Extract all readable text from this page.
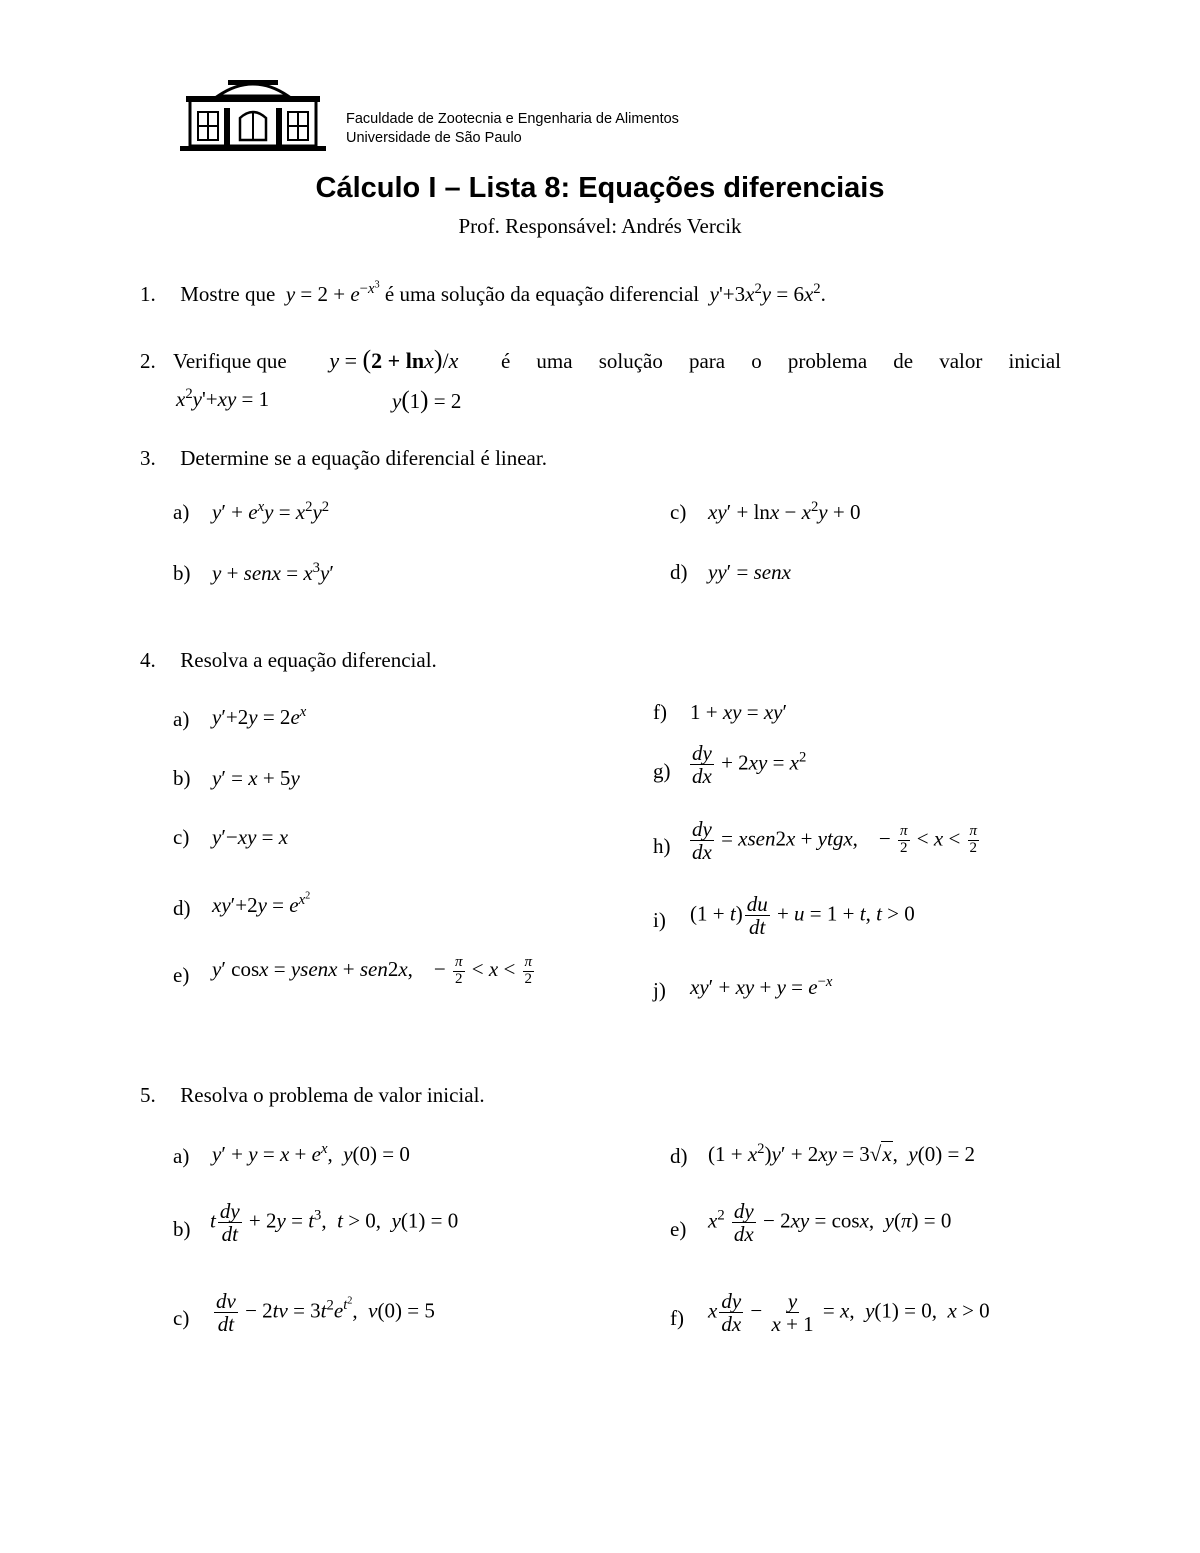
Faculdade de Zootecnia e Engenharia de Alimentos
Universidade de São Paulo
Cálculo I – Lista 8: Equações diferenciais
Prof. Responsável: Andrés Vercik
1. Mostre que $y = 2 + e^{-x^3}$ é uma solução da equação diferencial $y'+3x^2y = 6x^2$.
2. Verifique que y = (2 + lnx)/x é uma solução para o problema de valor inicial
$x^2y'+xy = 1$	y(1) = 2
3. Determine se a equação diferencial é linear.
a) $y' + e^xy = x^2y^2$
b) y + senx = $x^3y'$
c) $xy' + \ln x - x^2y + 0$
d) yy′ = senx
4. Resolva a equação diferencial.
a) $y'+2y = 2e^x$
b) y′ = x + 5y
c) y′−xy = x
d) $xy'+2y = e^{x^2}$
e) y′ cosx = ysenx + sen2x,    − $\frac{\pi}{2} < x < \frac{\pi}{2}$
f) 1 + xy = xy′
$g) \frac{dy}{dx} + 2xy = x^2$
$h) \frac{dy}{dx}$ = xsen2x + ytgx,    − $\frac{\pi}{2} < x < \frac{\pi}{2}$
i) $(1 + t) \frac{du}{dt} + u = 1 + t$, t > 0
j) xy′ + xy + $y = e^{-x}$
5. Resolva o problema de valor inicial.
a) $y' + y = x + e^x$,  y(0) = 0
b) t $\frac{dy}{dt} + 2y = t^3$,  t > 0,  y(1) = 0
$c) \frac{dv}{dt} - 2tv = 3t^2e^{t^2}$,  v(0) = 5
d) $(1 + x^2)y' + 2xy = 3√x$,  y(0) = 2
e) $x^2 \frac{dy}{dx} - 2xy = \cos x$,  y(π) = 0
f) x $\frac{dy}{dx} - \frac{y}{x + 1} = x$,  y(1) = 0,  x > 0
